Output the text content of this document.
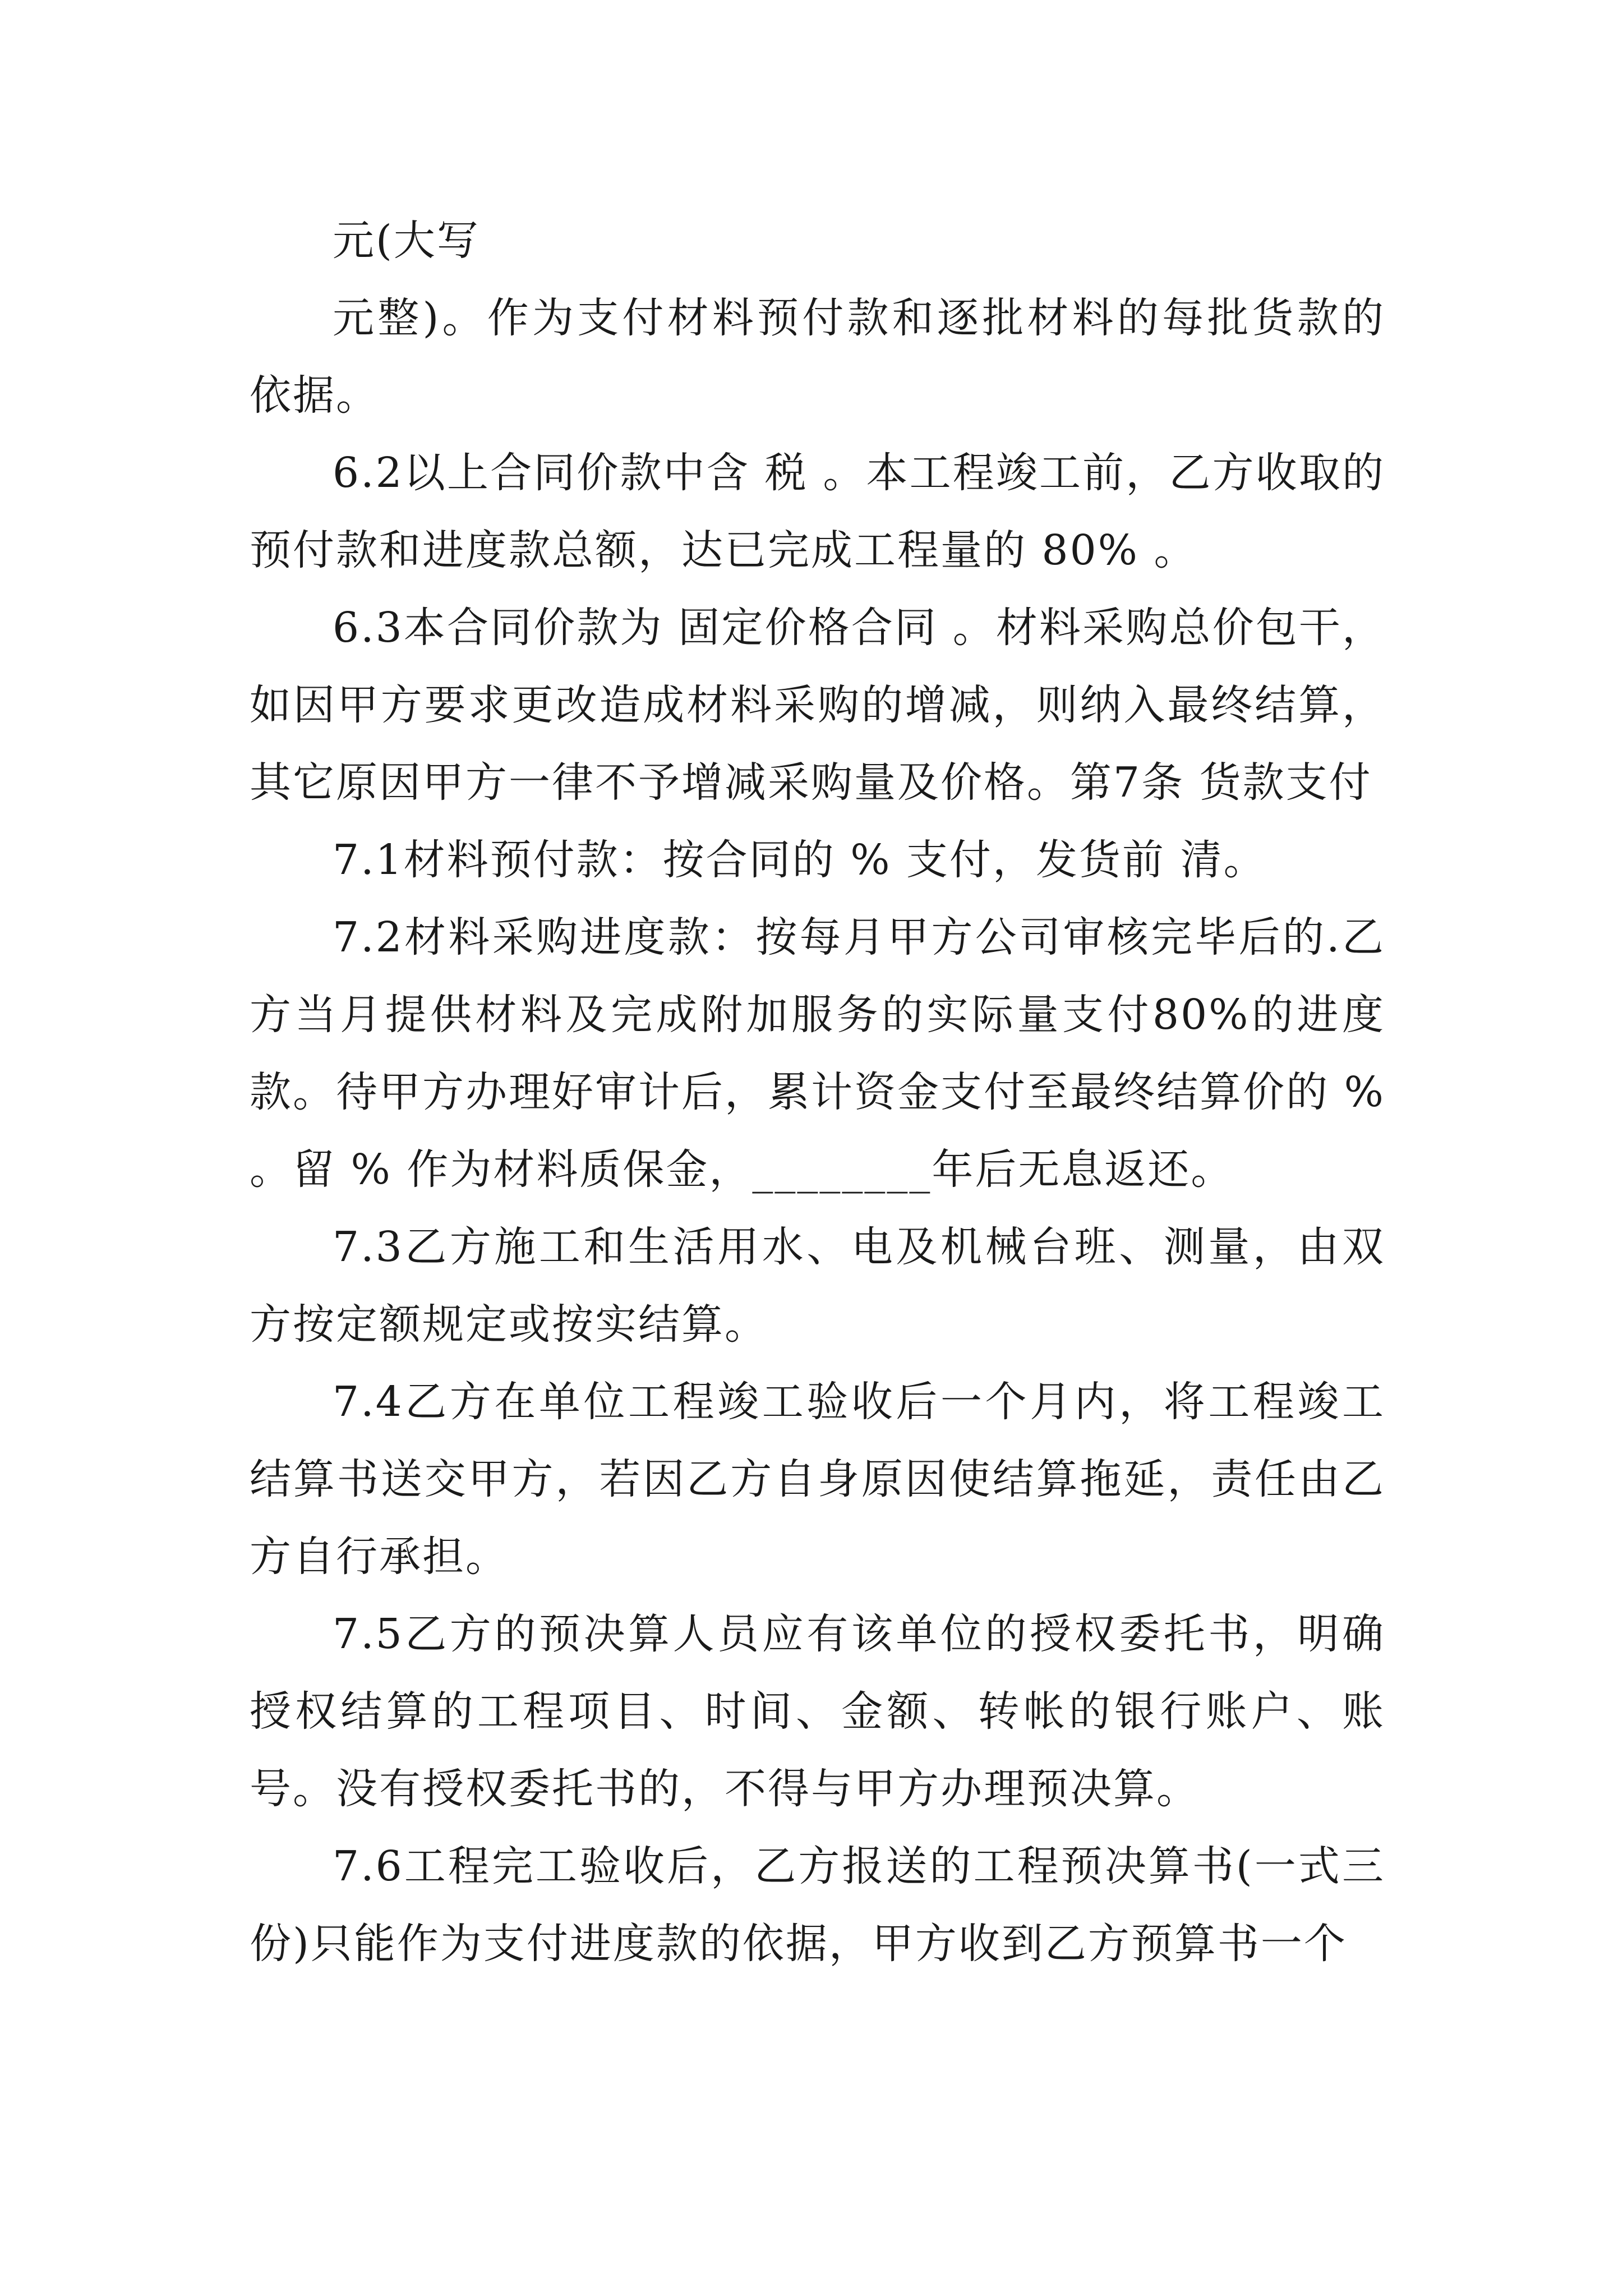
元(大写

元整)。作为支付材料预付款和逐批材料的每批货款的依据。

6.2以上合同价款中含 税 。本工程竣工前，乙方收取的预付款和进度款总额，达已完成工程量的 80% 。

6.3本合同价款为 固定价格合同 。材料采购总价包干，如因甲方要求更改造成材料采购的增减，则纳入最终结算，其它原因甲方一律不予增减采购量及价格。第7条 货款支付

7.1材料预付款：按合同的 % 支付，发货前 清。

7.2材料采购进度款：按每月甲方公司审核完毕后的.乙方当月提供材料及完成附加服务的实际量支付80%的进度款。待甲方办理好审计后，累计资金支付至最终结算价的 % 。留 % 作为材料质保金，________年后无息返还。

7.3乙方施工和生活用水、电及机械台班、测量，由双方按定额规定或按实结算。

7.4乙方在单位工程竣工验收后一个月内，将工程竣工结算书送交甲方，若因乙方自身原因使结算拖延，责任由乙方自行承担。

7.5乙方的预决算人员应有该单位的授权委托书，明确授权结算的工程项目、时间、金额、转帐的银行账户、账号。没有授权委托书的，不得与甲方办理预决算。

7.6工程完工验收后，乙方报送的工程预决算书(一式三份)只能作为支付进度款的依据，甲方收到乙方预算书一个
